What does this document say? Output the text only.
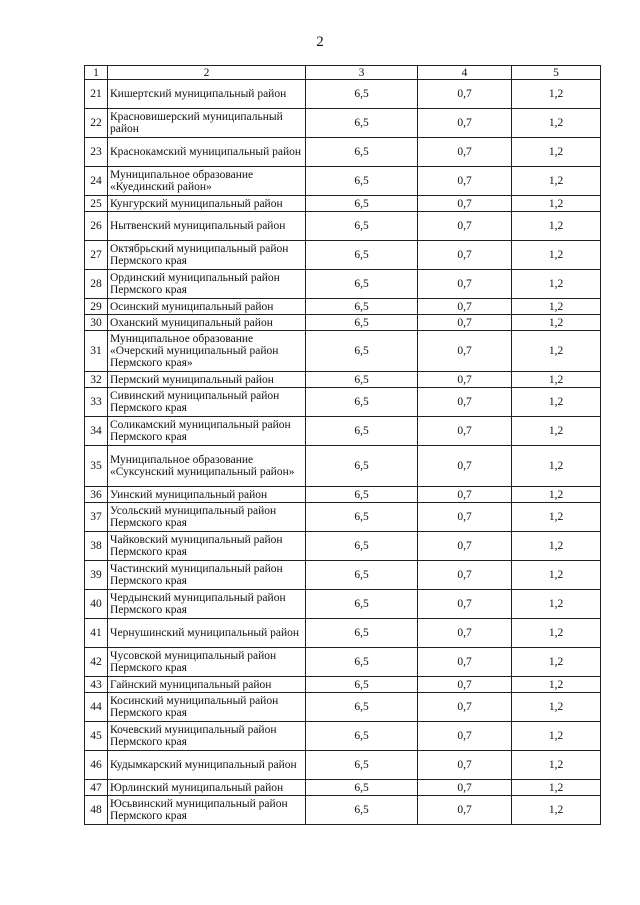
2
1	2	3	4	5
21	Кишертский муниципальный район	6,5	0,7	1,2
22	Красновишерский муниципальный район	6,5	0,7	1,2
23	Краснокамский муниципальный район	6,5	0,7	1,2
24	Муниципальное образование «Куединский район»	6,5	0,7	1,2
25	Кунгурский муниципальный район	6,5	0,7	1,2
26	Нытвенский муниципальный район	6,5	0,7	1,2
27	Октябрьский муниципальный район Пермского края	6,5	0,7	1,2
28	Ординский муниципальный район Пермского края	6,5	0,7	1,2
29	Осинский муниципальный район	6,5	0,7	1,2
30	Оханский муниципальный район	6,5	0,7	1,2
31	Муниципальное образование «Очерский муниципальный район Пермского края»	6,5	0,7	1,2
32	Пермский муниципальный район	6,5	0,7	1,2
33	Сивинский муниципальный район Пермского края	6,5	0,7	1,2
34	Соликамский муниципальный район Пермского края	6,5	0,7	1,2
35	Муниципальное образование «Суксунский муниципальный район»	6,5	0,7	1,2
36	Уинский муниципальный район	6,5	0,7	1,2
37	Усольский муниципальный район Пермского края	6,5	0,7	1,2
38	Чайковский муниципальный район Пермского края	6,5	0,7	1,2
39	Частинский муниципальный район Пермского края	6,5	0,7	1,2
40	Чердынский муниципальный район Пермского края	6,5	0,7	1,2
41	Чернушинский муниципальный район	6,5	0,7	1,2
42	Чусовской муниципальный район Пермского края	6,5	0,7	1,2
43	Гайнский муниципальный район	6,5	0,7	1,2
44	Косинский муниципальный район Пермского края	6,5	0,7	1,2
45	Кочевский муниципальный район Пермского края	6,5	0,7	1,2
46	Кудымкарский муниципальный район	6,5	0,7	1,2
47	Юрлинский муниципальный район	6,5	0,7	1,2
48	Юсьвинский муниципальный район Пермского края	6,5	0,7	1,2
